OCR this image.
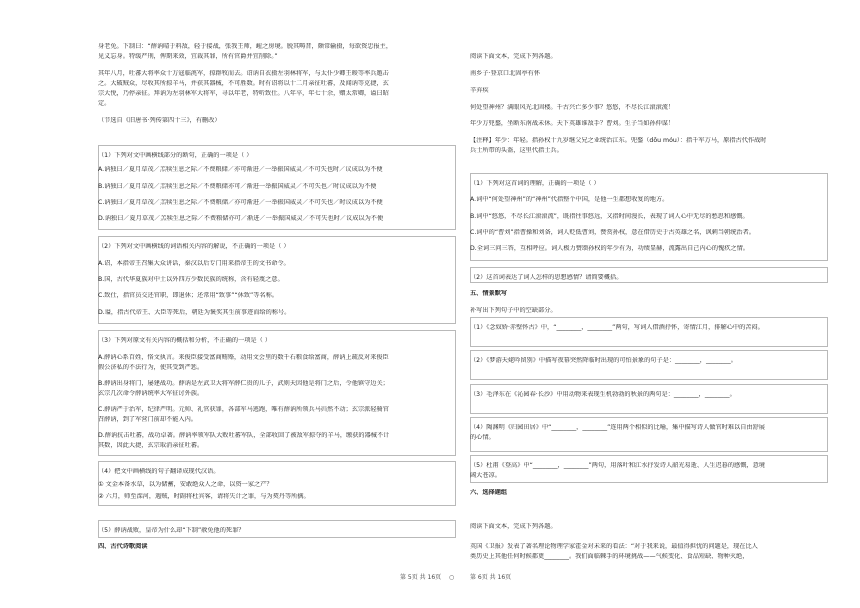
身老免。下制曰：“薛讷晴于料敌，轻于接战，张我王师，衄之房境。脱其畴昔，颇常输摄，每欲资忠报主，
见义忘身。特缓严刑，俾期来效，宜裁其罪，所有官爵并宜削除。”
其年八月，吐蕃大将率众十万寇临洮军，掠群牧而去。诏讷自衣摄左羽林将军，与太仆少卿王晙等率兵邀击
之。大破贼众，尽收其所掠羊马，并获其器械，不可胜数。时有诏将以十二月亲征吐蕃，及闻讷等克捷，玄
宗大悦，乃停亲征。拜讷为左羽林军大将军，寻以年老，特听致仕。八年卒，年七十余，赠太常卿，谥曰昭
定。
（节选自《旧唐书·列传第四十三》，有删改）
（1）下列对文中画横线部分的断句，正确的一项是（ ）
A.讷独曰／夏月草茂／羔犊生息之际／不费粮储／亦可渐进／一举振国威灵／不可失也时／议成以为不便
B.讷独曰／夏月草茂／羔犊生息之际／不费粮储亦可／渐进一举振国威灵／不可失也／时议成以为不便
C.讷独曰／夏月草茂／羔犊生息之际／不费粮储／亦可渐进／一举振国威灵／不可失也／时议成以为不便
D.讷独曰／夏月草茂／羔犊生息之际／不费粮储亦可／渐进／一举振国威灵／不可失也时／议成以为不便
（2）下列对文中画横线的词语相关内容的解说，不正确的一项是（ ）
A.诏，本指帝王召集大众讲话，秦汉以后专门用来指帝王的文书命令。
B.国，古代华夏族对中土以外四方少数民族的统称，含有轻蔑之意。
C.致仕，指官员交还官职，即退休；还常用“致事”“休致”等名称。
D.谥，指古代帝王、大臣等死后，朝廷为褒奖其生前事迹而给的称号。
（3）下列对原文有关内容的概括和分析，不正确的一项是（ ）
A.薛讷心系百姓，恪文执言。来俊臣接受富商贿赂，动用文会里的数千石粮食给富商，薛讷上疏反对来俊臣
假公济私的不法行为，使其受到严惩。
B.薛讷出身将门，屡建战功。薛讷是左武卫大将军薛仁贵的儿子，武则天因他是将门之后，令他镇守边关；
玄宗几次命令薛讷统率大军征讨外族。
C.薛讷严于治军，纪律严明。元帅、礼官获罪，各部军马逃跑，唯有薛讷所领兵马岿然不动；玄宗派轻骑官
召薛讷，到了军营门前却不能入内。
D.薛讷抗击吐蕃，战功卓著。薛讷率领军队大败吐蕃军队，全部收回了被敌军掠夺的羊马，缴获的器械不计
其数，因此大捷，玄宗取消亲征吐蕃。
（4）把文中画横线的句子翻译成现代汉语。
① 文金本备水草，以为储蓄，安敢绝众人之命，以资一家之产？
② 六月，师至滦河，遇贼，时副将杜宾客，请将失计之罪，与为契丹等所擒。
（5）薛讷战败，皇帝为什么却“下制”赦免他的死罪？
四、古代诗歌阅读
阅读下面文本，完成下列各题。
南乡子·登京口北固亭有怀
辛弃疾
何处望神州？满眼风光北固楼。千古兴亡多少事？悠悠，不尽长江滚滚流！
年少万兜鍪，坐断东南战未休。天下英雄谁敌手？曹刘。生子当如孙仲谋！
【注释】年少：年轻。指孙权十九岁继父兄之业统治江东。兜鍪（dōu móu）：指千军万马，原指古代作战时
兵士所带的头盔，这里代指士兵。
（1）下列对这首词的理解，正确的一项是（ ）
A.词中“何处望神州”的“神州”代指整个中国，是他一生都想收复的地方。
B.词中“悠悠，不尽长江滚滚流”，既指往事悠远，又指时间漫长，表现了词人心中无尽的愁思和感慨。
C.词中的“曹刘”指曹操和刘备，词人贬低曹刘，赞赏孙权，意在借历史于古英雄之名，讽刺当朝统治者。
D.全词三问三答，互相呼应。词人极力赞颂孙权的年少有为，功绩显赫，流露出自己内心的愧疚之情。
（2）这首词表达了词人怎样的思想感情？请简要概括。
五、情景默写
补写出下列句子中的空缺部分。
（1）《念奴娇·赤壁怀古》中，“________，________”两句，写词人借酒抒怀，寄情江月，排解心中的苦闷。
（2）《梦游天姥吟留别》中描写夜幕突然降临时出现的可怕景象的句子是：________，________。
（3）毛泽东在《沁园春·长沙》中用动物来表现生机勃勃的秋景的两句是：________，________。
（4）陶渊明《归园田居》中“________，________”连用两个相似的比喻，集中描写诗人做官时难以自由舒展
的心情。
（5）杜甫《登高》中“________，________”两句，用落叶和江水抒发诗人韶光易逝、人生迟暮的感慨，意境
阔大苍凉。
六、选择题组
阅读下面文本，完成下列各题。
英国《卫报》发表了著名理论物理学家霍金对未来的看法：“对于我来说，最值得担忧的问题是，现在比人
类历史上其他任何时候都更________。我们面临棘手的环境挑战——气候变化、食品短缺、物种灭绝，
第 5页 共 16页 ○	第 6页 共 16页
